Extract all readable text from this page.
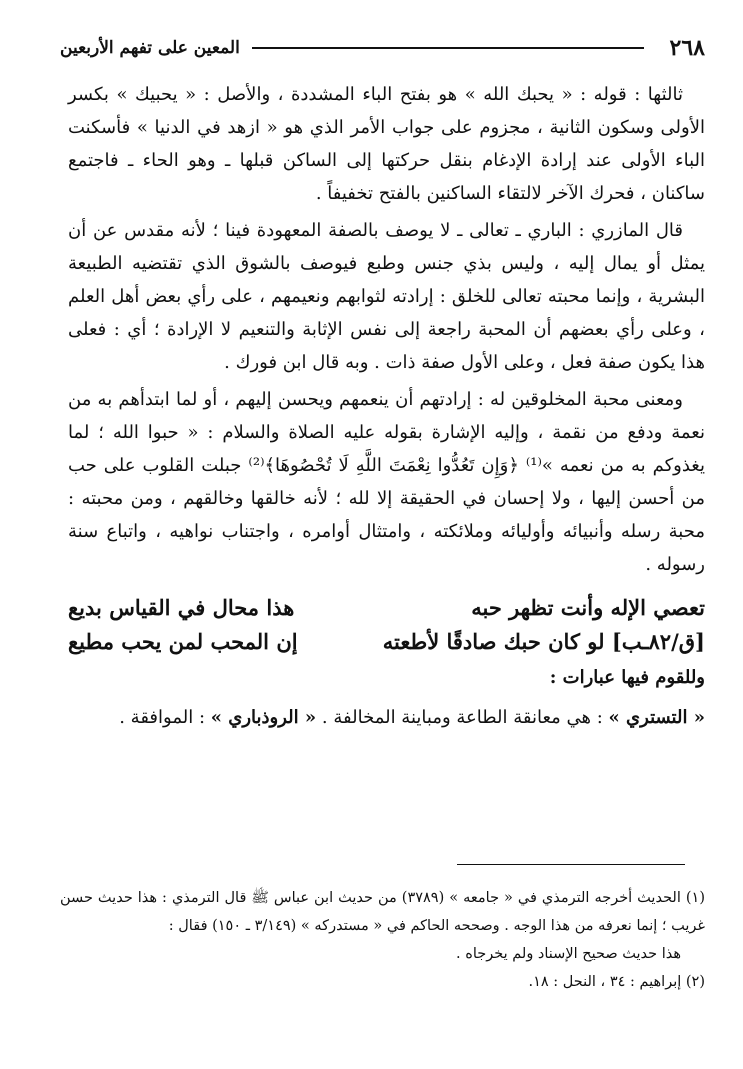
٢٦٨
المعين على تفهم الأربعين

ثالثها : قوله : « يحبك الله » هو بفتح الباء المشددة ، والأصل : « يحبيك » بكسر الأولى وسكون الثانية ، مجزوم على جواب الأمر الذي هو « ازهد في الدنيا » فأسكنت الباء الأولى عند إرادة الإدغام بنقل حركتها إلى الساكن قبلها ـ وهو الحاء ـ فاجتمع ساكنان ، فحرك الآخر لالتقاء الساكنين بالفتح تخفيفاً .

قال المازري : الباري ـ تعالى ـ لا يوصف بالصفة المعهودة فينا ؛ لأنه مقدس عن أن يمثل أو يمال إليه ، وليس بذي جنس وطبع فيوصف بالشوق الذي تقتضيه الطبيعة البشرية ، وإنما محبته تعالى للخلق : إرادته لثوابهم ونعيمهم ، على رأي بعض أهل العلم ، وعلى رأي بعضهم أن المحبة راجعة إلى نفس الإثابة والتنعيم لا الإرادة ؛ أي : فعلى هذا يكون صفة فعل ، وعلى الأول صفة ذات . وبه قال ابن فورك .

ومعنى محبة المخلوقين له : إرادتهم أن ينعمهم ويحسن إليهم ، أو لما ابتدأهم به من نعمة ودفع من نقمة ، وإليه الإشارة بقوله عليه الصلاة والسلام : « حبوا الله ؛ لما يغذوكم به من نعمه »⁽¹⁾ ﴿وَإِن تَعُدُّوا نِعْمَتَ اللَّهِ لَا تُحْصُوهَا﴾⁽²⁾ جبلت القلوب على حب من أحسن إليها ، ولا إحسان في الحقيقة إلا لله ؛ لأنه خالقها وخالقهم ، ومن محبته : محبة رسله وأنبيائه وأوليائه وملائكته ، وامتثال أوامره ، واجتناب نواهيه ، واتباع سنة رسوله .

تعصي الإله وأنت تظهر حبه
هذا محال في القياس بديع
[ق/٨٢ـب] لو كان حبك صادقًا لأطعته
إن المحب لمن يحب مطيع

وللقوم فيها عبارات :

« التستري » : هي معانقة الطاعة ومباينة المخالفة . « الروذباري » : الموافقة .

(١) الحديث أخرجه الترمذي في « جامعه » (٣٧٨٩) من حديث ابن عباس ﷺ قال الترمذي : هذا حديث حسن غريب ؛ إنما نعرفه من هذا الوجه . وصححه الحاكم في « مستدركه » (٣/١٤٩ ـ ١٥٠) فقال :

هذا حديث صحيح الإسناد ولم يخرجاه .

(٢) إبراهيم : ٣٤ ، النحل : ١٨.
